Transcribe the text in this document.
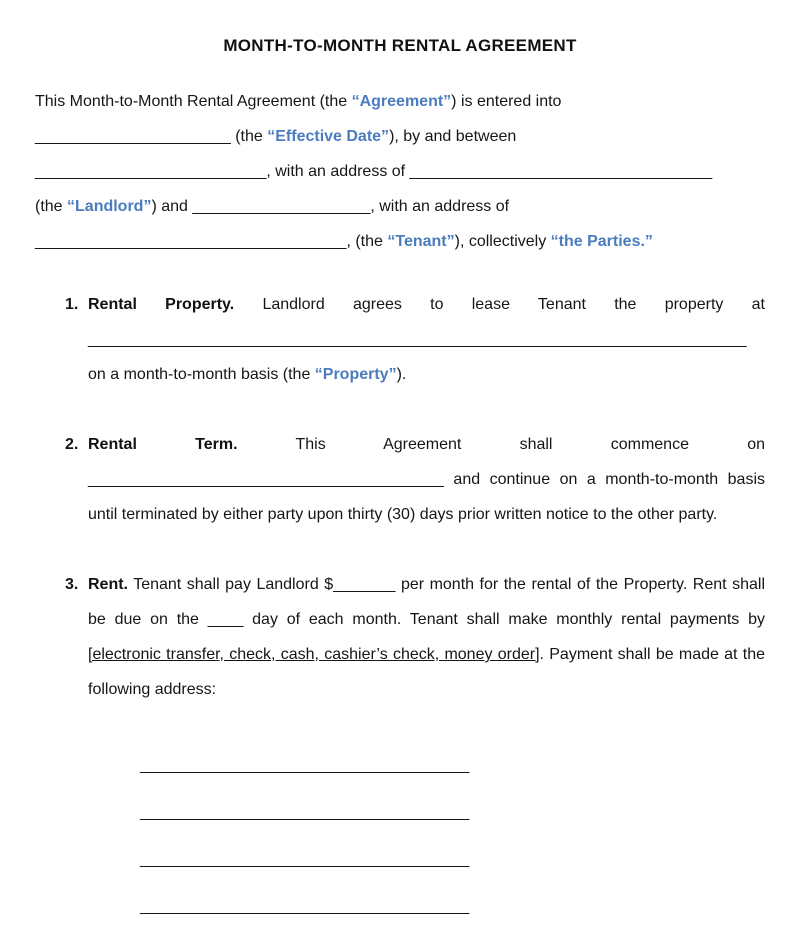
MONTH-TO-MONTH RENTAL AGREEMENT
This Month-to-Month Rental Agreement (the “Agreement”) is entered into
______________________ (the “Effective Date”), by and between
__________________________, with an address of __________________________________
(the “Landlord”) and ____________________, with an address of
___________________________________, (the “Tenant”), collectively “the Parties.”
1. Rental Property. Landlord agrees to lease Tenant the property at __________________________________________________________________________ on a month-to-month basis (the “Property”).

2. Rental Term. This Agreement shall commence on ________________________________________ and continue on a month-to-month basis until terminated by either party upon thirty (30) days prior written notice to the other party.

3. Rent. Tenant shall pay Landlord $_______ per month for the rental of the Property. Rent shall be due on the ____ day of each month. Tenant shall make monthly rental payments by [electronic transfer, check, cash, cashier’s check, money order]. Payment shall be made at the following address:

_____________________________________
_____________________________________
_____________________________________
_____________________________________
